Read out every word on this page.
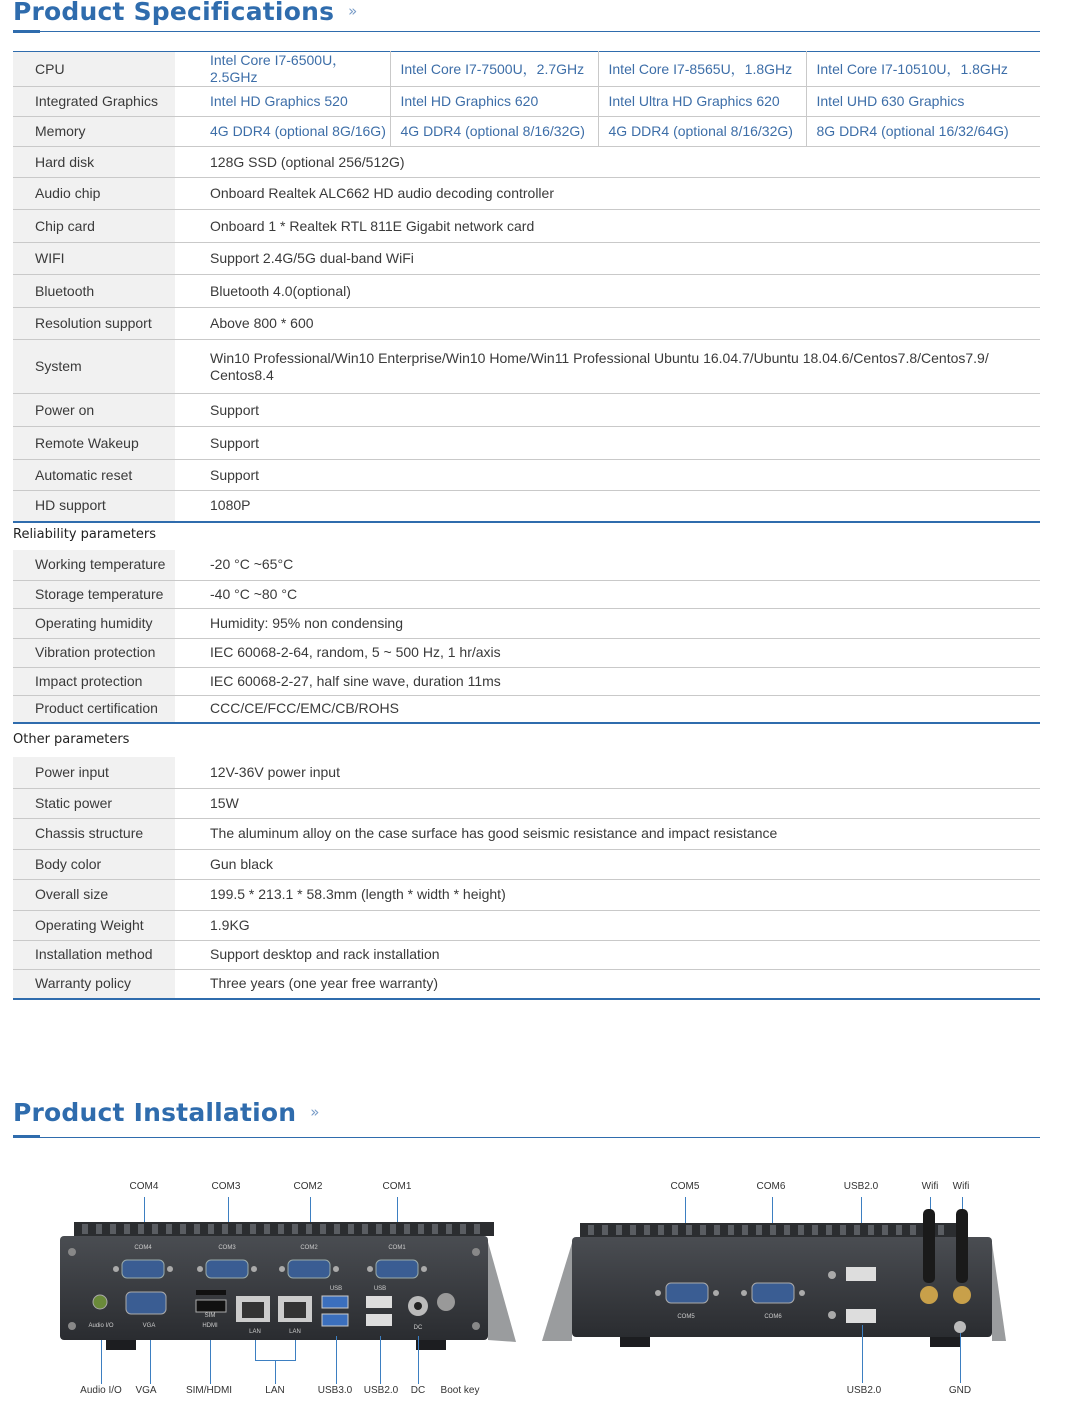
Product Specifications »
CPU	Intel Core I7-6500U，2.5GHz	Intel Core I7-7500U，2.7GHz	Intel Core I7-8565U，1.8GHz	Intel Core I7-10510U，1.8GHz
Integrated Graphics	Intel HD Graphics 520	Intel HD Graphics 620	Intel Ultra HD Graphics 620	Intel UHD 630 Graphics
Memory	4G DDR4 (optional 8G/16G)	4G DDR4 (optional 8/16/32G)	4G DDR4 (optional 8/16/32G)	8G DDR4 (optional 16/32/64G)
Hard disk	128G SSD (optional 256/512G)			
Audio chip	Onboard Realtek ALC662 HD audio decoding controller			
Chip card	Onboard 1 * Realtek RTL 811E Gigabit network card			
WIFI	Support 2.4G/5G dual-band WiFi			
Bluetooth	Bluetooth 4.0(optional)			
Resolution support	Above 800 * 600			
System	Win10 Professional/Win10 Enterprise/Win10 Home/Win11 Professional Ubuntu 16.04.7/Ubuntu 18.04.6/Centos7.8/Centos7.9/ Centos8.4			
Power on	Support			
Remote Wakeup	Support			
Automatic reset	Support			
HD support	1080P			
Reliability parameters
Working temperature	-20 °C ~65°C
Storage temperature	-40 °C ~80 °C
Operating humidity	Humidity: 95% non condensing
Vibration protection	IEC 60068-2-64, random, 5 ~ 500 Hz, 1 hr/axis
Impact protection	IEC 60068-2-27, half sine wave, duration 11ms
Product certification	CCC/CE/FCC/EMC/CB/ROHS
Other parameters
Power input	12V-36V power input
Static power	15W
Chassis structure	The aluminum alloy on the case surface has good seismic resistance and impact resistance
Body color	Gun black
Overall size	199.5 * 213.1 * 58.3mm (length * width * height)
Operating Weight	1.9KG
Installation method	Support desktop and rack installation
Warranty policy	Three years (one year free warranty)
Product Installation »
COM4	COM3	COM2	COM1
COM4	COM3	COM2	COM1
Audio I/O	VGA
SIM
HDMI
LAN	LAN
USB	USB
DC
Audio I/O VGA	SIM/HDMI	LAN	USB3.0 USB2.0 DC Boot key
COM5	COM6	USB2.0	Wifi Wifi
COM5	COM6
USB2.0	GND
